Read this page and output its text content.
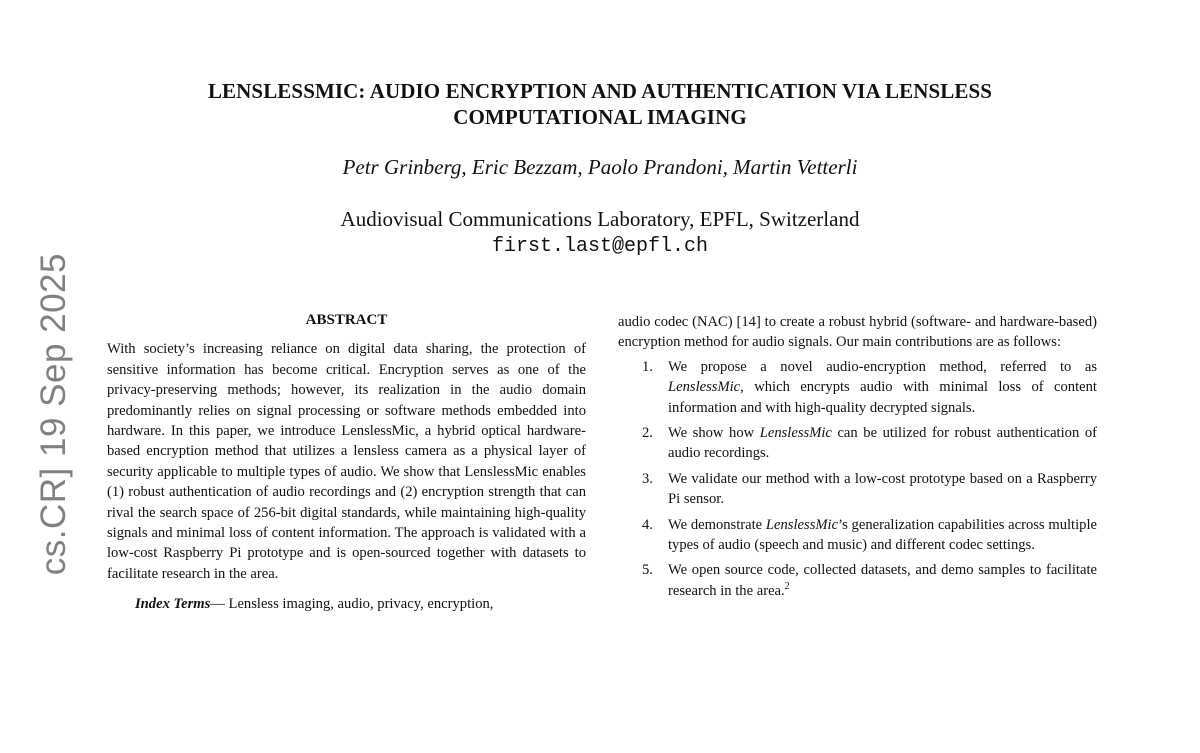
LENSLESSMIC: AUDIO ENCRYPTION AND AUTHENTICATION VIA LENSLESS
COMPUTATIONAL IMAGING
Petr Grinberg, Eric Bezzam, Paolo Prandoni, Martin Vetterli
Audiovisual Communications Laboratory, EPFL, Switzerland
first.last@epfl.ch
cs.CR] 19 Sep 2025	ABSTRACT

With society’s increasing reliance on digital data sharing, the protection of sensitive information has become critical. Encryption serves as one of the privacy-preserving methods; however, its realization in the audio domain predominantly relies on signal processing or software methods embedded into hardware. In this paper, we introduce LenslessMic, a hybrid optical hardware-based encryption method that utilizes a lensless camera as a physical layer of security applicable to multiple types of audio. We show that LenslessMic enables (1) robust authentication of audio recordings and (2) encryption strength that can rival the search space of 256-bit digital standards, while maintaining high-quality signals and minimal loss of content information. The approach is validated with a low-cost Raspberry Pi prototype and is open-sourced together with datasets to facilitate research in the area.

Index Terms— Lensless imaging, audio, privacy, encryption,

audio codec (NAC) [14] to create a robust hybrid (software- and hardware-based) encryption method for audio signals. Our main contributions are as follows:

1. We propose a novel audio-encryption method, referred to as LenslessMic, which encrypts audio with minimal loss of content information and with high-quality decrypted signals.
2. We show how LenslessMic can be utilized for robust authentication of audio recordings.
3. We validate our method with a low-cost prototype based on a Raspberry Pi sensor.
4. We demonstrate LenslessMic’s generalization capabilities across multiple types of audio (speech and music) and different codec settings.
5. We open source code, collected datasets, and demo samples to facilitate research in the area.$^2$
